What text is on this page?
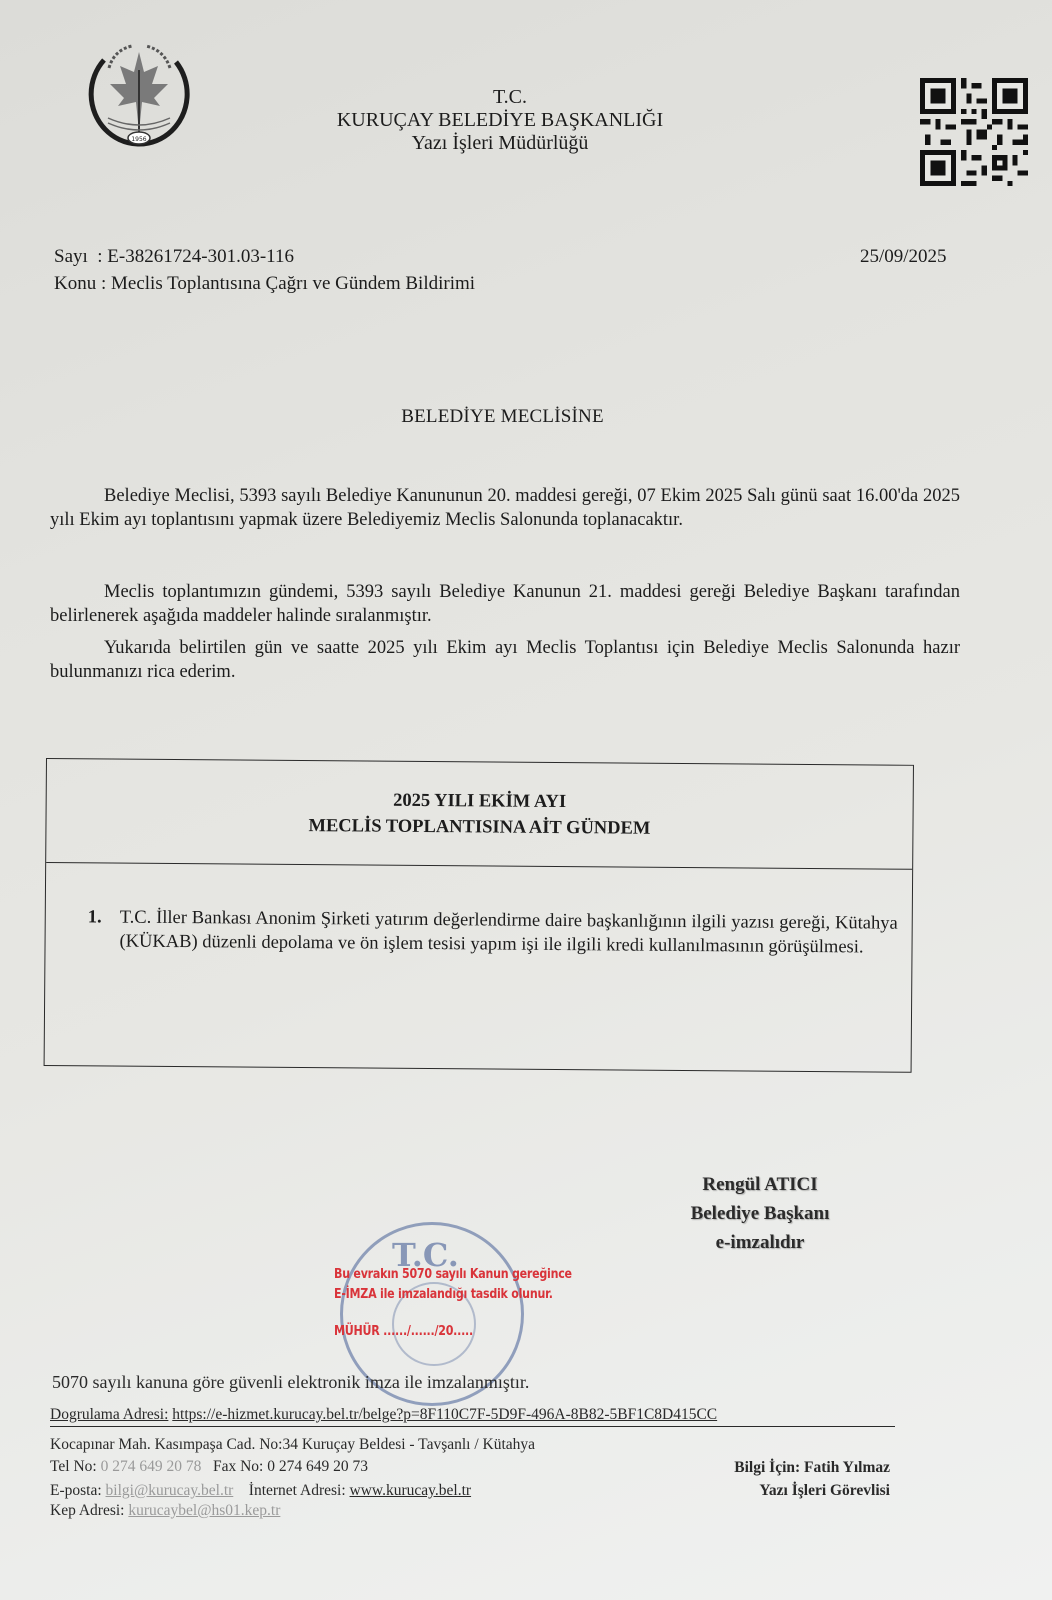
1956
T.C.
KURUÇAY BELEDİYE BAŞKANLIĞI
Yazı İşleri Müdürlüğü
Sayı : E-38261724-301.03-116
Konu : Meclis Toplantısına Çağrı ve Gündem Bildirimi
25/09/2025
BELEDİYE MECLİSİNE
Belediye Meclisi, 5393 sayılı Belediye Kanununun 20. maddesi gereği, 07 Ekim 2025 Salı günü saat 16.00'da 2025 yılı Ekim ayı toplantısını yapmak üzere Belediyemiz Meclis Salonunda toplanacaktır.
Meclis toplantımızın gündemi, 5393 sayılı Belediye Kanunun 21. maddesi gereği Belediye Başkanı tarafından belirlenerek aşağıda maddeler halinde sıralanmıştır.
Yukarıda belirtilen gün ve saatte 2025 yılı Ekim ayı Meclis Toplantısı için Belediye Meclis Salonunda hazır bulunmanızı rica ederim.
2025 YILI EKİM AYI
MECLİS TOPLANTISINA AİT GÜNDEM
1. T.C. İller Bankası Anonim Şirketi yatırım değerlendirme daire başkanlığının ilgili yazısı gereği, Kütahya (KÜKAB) düzenli depolama ve ön işlem tesisi yapım işi ile ilgili kredi kullanılmasının görüşülmesi.
Rengül ATICI
Belediye Başkanı
e-imzalıdır
T.C.
Bu evrakın 5070 sayılı Kanun gereğince
E-İMZA ile imzalandığı tasdik olunur.
MÜHÜR ....../....../20.....
5070 sayılı kanuna göre güvenli elektronik imza ile imzalanmıştır.
Dogrulama Adresi: https://e-hizmet.kurucay.bel.tr/belge?p=8F110C7F-5D9F-496A-8B82-5BF1C8D415CC
Kocapınar Mah. Kasımpaşa Cad. No:34 Kuruçay Beldesi - Tavşanlı / Kütahya
Tel No: 0 274 649 20 78 Fax No: 0 274 649 20 73
E-posta: bilgi@kurucay.bel.tr İnternet Adresi: www.kurucay.bel.tr
Kep Adresi: kurucaybel@hs01.kep.tr
Bilgi İçin: Fatih Yılmaz
Yazı İşleri Görevlisi
